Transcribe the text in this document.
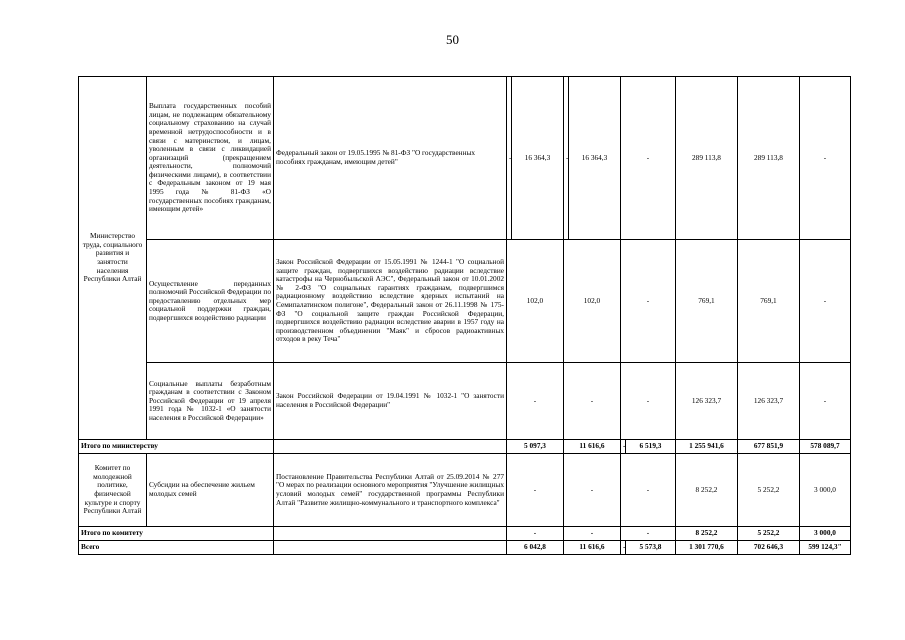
50
Министерство труда, социального развития и занятости населения Республики Алтай	Выплата государственных пособий лицам, не подлежащим обязательному социальному страхованию на случай временной нетрудоспособности и в связи с материнством, и лицам, уволенным в связи с ликвидацией организаций (прекращением деятельности, полномочий физическими лицами), в соответствии с Федеральным законом от 19 мая 1995 года № 81-ФЗ «О государственных пособиях гражданам, имеющим детей»	Федеральный закон от 19.05.1995 № 81-ФЗ "О государственных пособиях гражданам, имеющим детей"	-	16 364,3	-	16 364,3	-		289 113,8	289 113,8	-
	Осуществление переданных полномочий Российской Федерации по предоставлению отдельных мер социальной поддержки граждан, подвергшихся воздействию радиации	Закон Российской Федерации от 15.05.1991 № 1244-1 "О социальной защите граждан, подвергшихся воздействию радиации вследствие катастрофы на Чернобыльской АЭС", Федеральный закон от 10.01.2002 № 2-ФЗ "О социальных гарантиях гражданам, подвергшимся радиационному воздействию вследствие ядерных испытаний на Семипалатинском полигоне", Федеральный закон от 26.11.1998 № 175-ФЗ "О социальной защите граждан Российской Федерации, подвергшихся воздействию радиации вследствие аварии в 1957 году на производственном объединении "Маяк" и сбросов радиоактивных отходов в реку Теча"	102,0		102,0		-		769,1	769,1	-
	Социальные выплаты безработным гражданам в соответствии с Законом Российской Федерации от 19 апреля 1991 года № 1032-1 «О занятости населения в Российской Федерации»	Закон Российской Федерации от 19.04.1991 № 1032-1 "О занятости населения в Российской Федерации"	-		-		-		126 323,7	126 323,7	-
Итого по министерству			5 097,3		11 616,6		-	6 519,3	1 255 941,6	677 851,9	578 089,7
Комитет по молодежной политике, физической культуре и спорту Республики Алтай	Субсидии на обеспечение жильем молодых семей	Постановление Правительства Республики Алтай от 25.09.2014 № 277 "О мерах по реализации основного мероприятия "Улучшение жилищных условий молодых семей" государственной программы Республики Алтай "Развитие жилищно-коммунального и транспортного комплекса"	-		-		-		8 252,2	5 252,2	3 000,0
Итого по комитету			-		-		-		8 252,2	5 252,2	3 000,0
Всего			6 042,8		11 616,6		-	5 573,8	1 301 770,6	702 646,3	599 124,3"
